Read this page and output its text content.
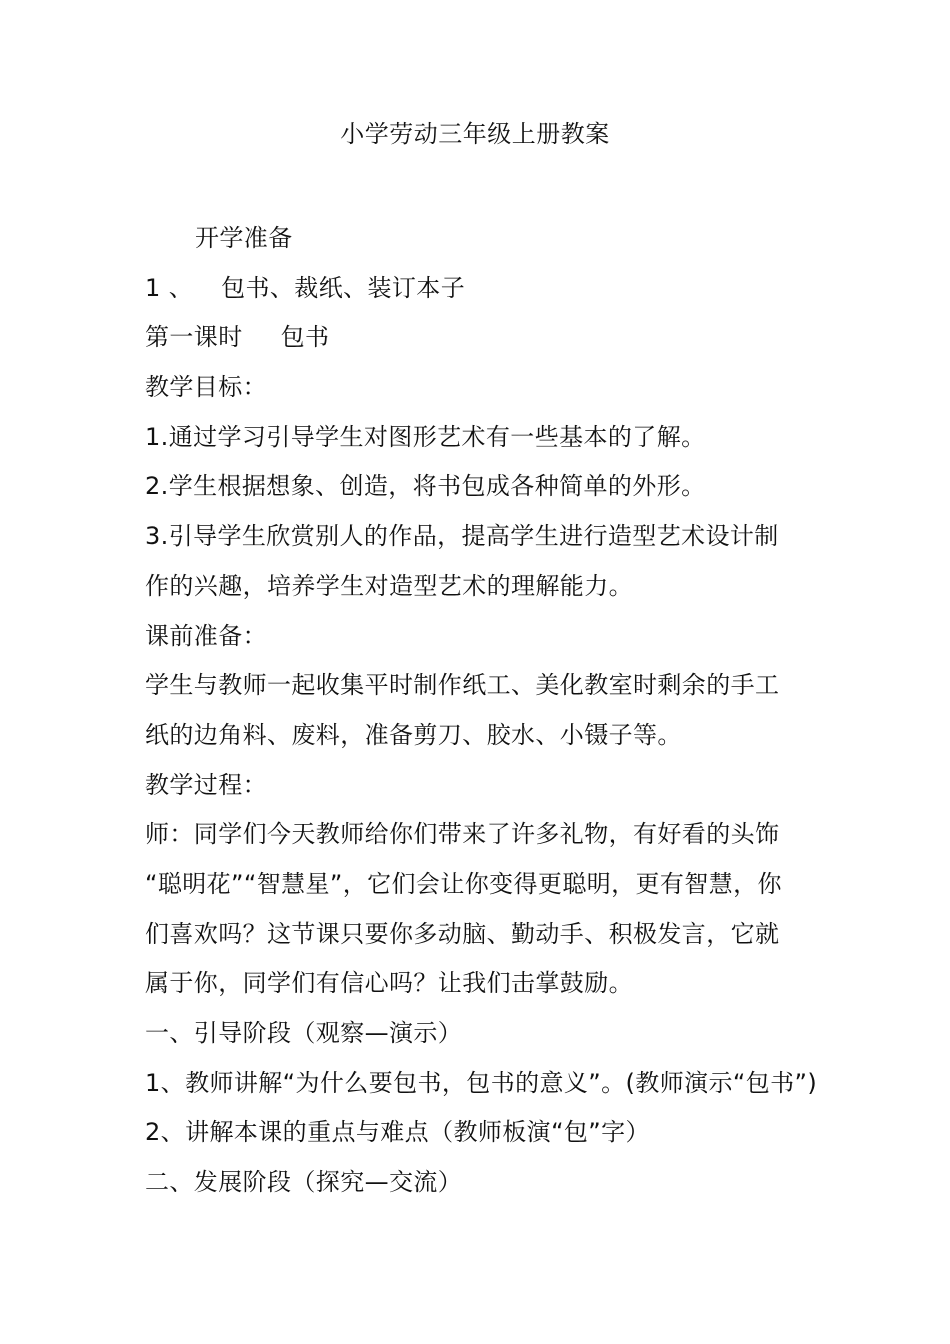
小学劳动三年级上册教案
开学准备
1 、 包书、裁纸、装订本子
第一课时 包书
教学目标：
1.通过学习引导学生对图形艺术有一些基本的了解。
2.学生根据想象、创造，将书包成各种简单的外形。
3.引导学生欣赏别人的作品，提高学生进行造型艺术设计制
作的兴趣，培养学生对造型艺术的理解能力。
课前准备：
学生与教师一起收集平时制作纸工、美化教室时剩余的手工
纸的边角料、废料，准备剪刀、胶水、小镊子等。
教学过程：
师：同学们今天教师给你们带来了许多礼物，有好看的头饰
“聪明花”“智慧星”，它们会让你变得更聪明，更有智慧，你
们喜欢吗？这节课只要你多动脑、勤动手、积极发言，它就
属于你，同学们有信心吗？让我们击掌鼓励。
一、引导阶段（观察—演示）
1、教师讲解“为什么要包书，包书的意义”。(教师演示“包书”)
2、讲解本课的重点与难点（教师板演“包”字）
二、发展阶段（探究—交流）
